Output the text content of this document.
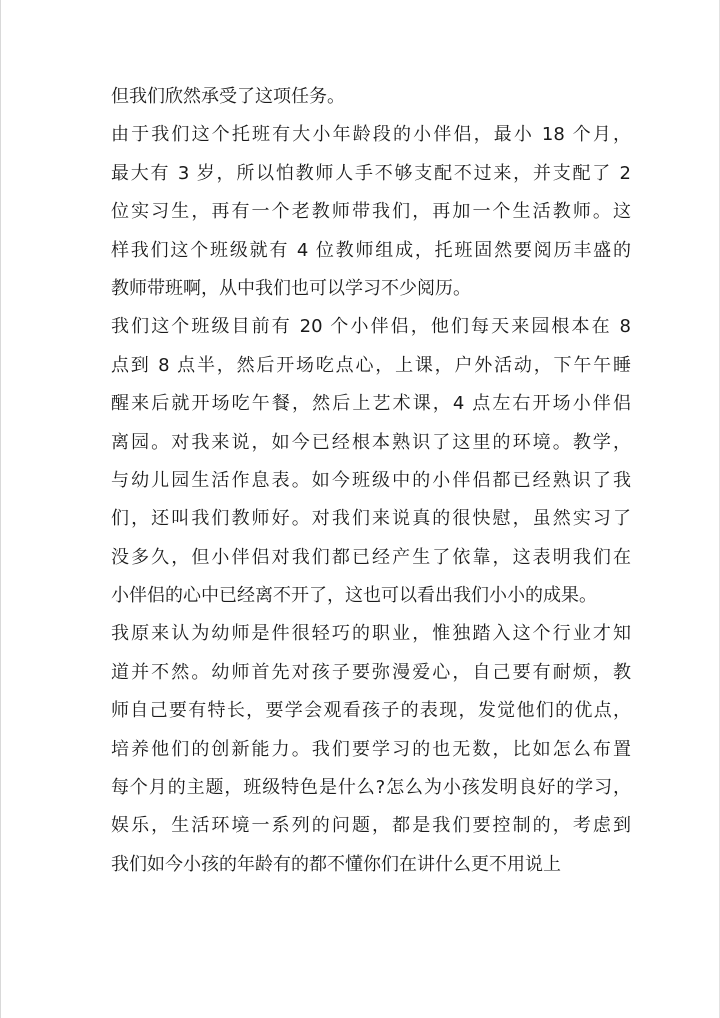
但我们欣然承受了这项任务。
由于我们这个托班有大小年龄段的小伴侣，最小 18 个月，
最大有 3 岁，所以怕教师人手不够支配不过来，并支配了 2
位实习生，再有一个老教师带我们，再加一个生活教师。这
样我们这个班级就有 4 位教师组成，托班固然要阅历丰盛的
教师带班啊，从中我们也可以学习不少阅历。
我们这个班级目前有 20 个小伴侣，他们每天来园根本在 8
点到 8 点半，然后开场吃点心，上课，户外活动，下午午睡
醒来后就开场吃午餐，然后上艺术课，4 点左右开场小伴侣
离园。对我来说，如今已经根本熟识了这里的环境。教学，
与幼儿园生活作息表。如今班级中的小伴侣都已经熟识了我
们，还叫我们教师好。对我们来说真的很快慰，虽然实习了
没多久，但小伴侣对我们都已经产生了依靠，这表明我们在
小伴侣的心中已经离不开了，这也可以看出我们小小的成果。
我原来认为幼师是件很轻巧的职业，惟独踏入这个行业才知
道并不然。幼师首先对孩子要弥漫爱心，自己要有耐烦，教
师自己要有特长，要学会观看孩子的表现，发觉他们的优点，
培养他们的创新能力。我们要学习的也无数，比如怎么布置
每个月的主题，班级特色是什么?怎么为小孩发明良好的学习，
娱乐，生活环境一系列的问题，都是我们要控制的，考虑到
我们如今小孩的年龄有的都不懂你们在讲什么更不用说上
